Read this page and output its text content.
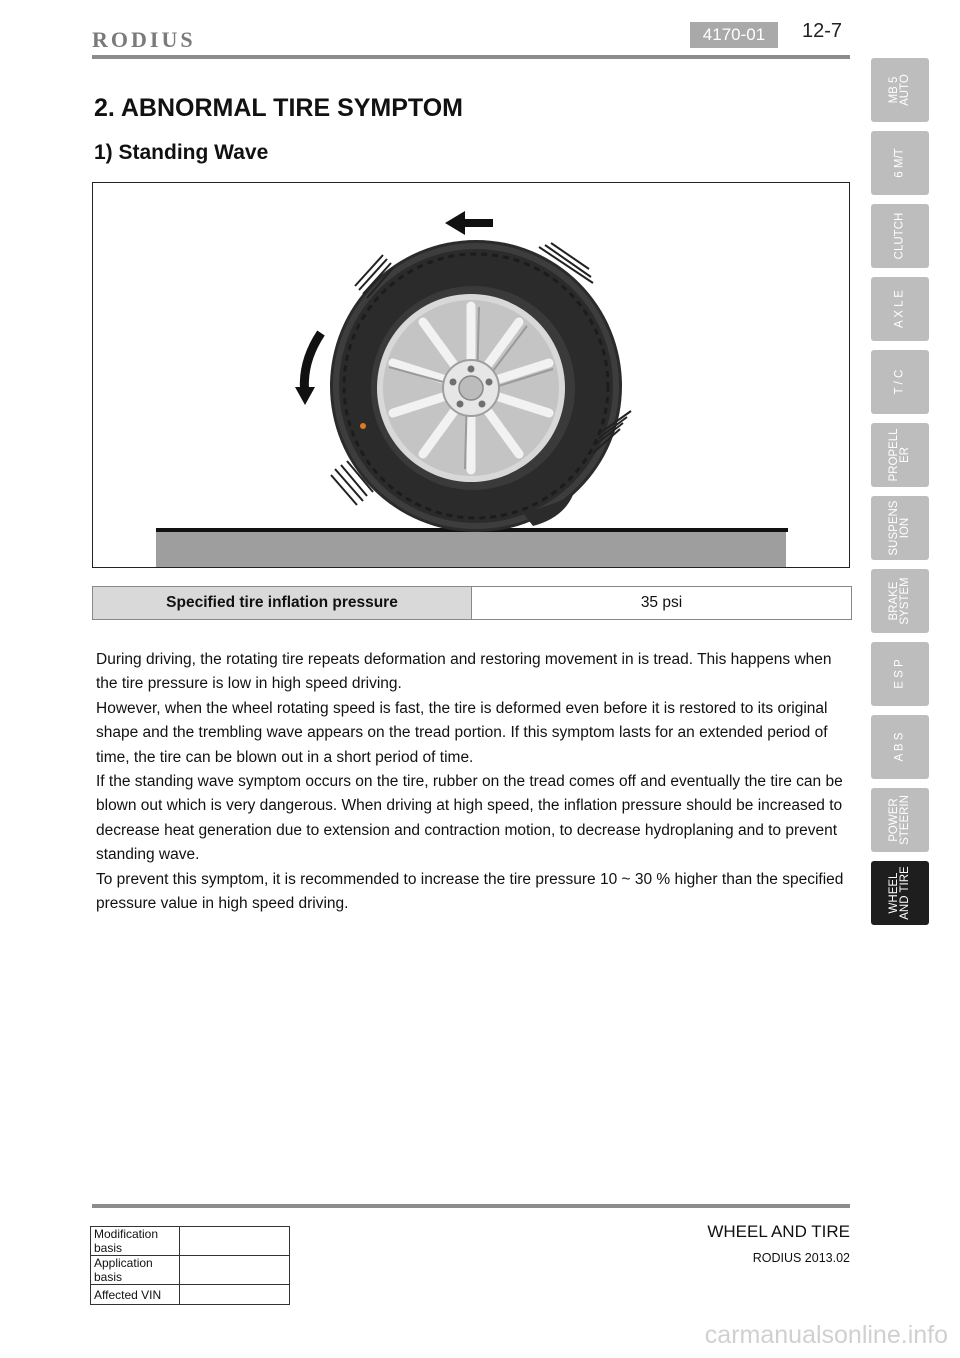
RODIUS	4170-01	12-7
MB 5
AUTO
6 M/T
CLUTCH
A X L E
T / C
PROPELL
ER
SUSPENS
ION
BRAKE
SYSTEM
E S P
A B S
POWER
STEERIN
WHEEL
AND TIRE
2. ABNORMAL TIRE SYMPTOM
1) Standing Wave
Specified tire inflation pressure	35 psi

During driving, the rotating tire repeats deformation and restoring movement in is tread. This happens when the tire pressure is low in high speed driving.

However, when the wheel rotating speed is fast, the tire is deformed even before it is restored to its original shape and the trembling wave appears on the tread portion. If this symptom lasts for an extended period of time, the tire can be blown out in a short period of time.

If the standing wave symptom occurs on the tire, rubber on the tread comes off and eventually the tire can be blown out which is very dangerous. When driving at high speed, the inflation pressure should be increased to decrease heat generation due to extension and contraction motion, to decrease hydroplaning and to prevent standing wave.

To prevent this symptom, it is recommended to increase the tire pressure 10 ~ 30 % higher than the specified pressure value in high speed driving.

Modification basis	
Application basis	
Affected VIN	
WHEEL AND TIRE
RODIUS 2013.02
carmanualsonline.info
